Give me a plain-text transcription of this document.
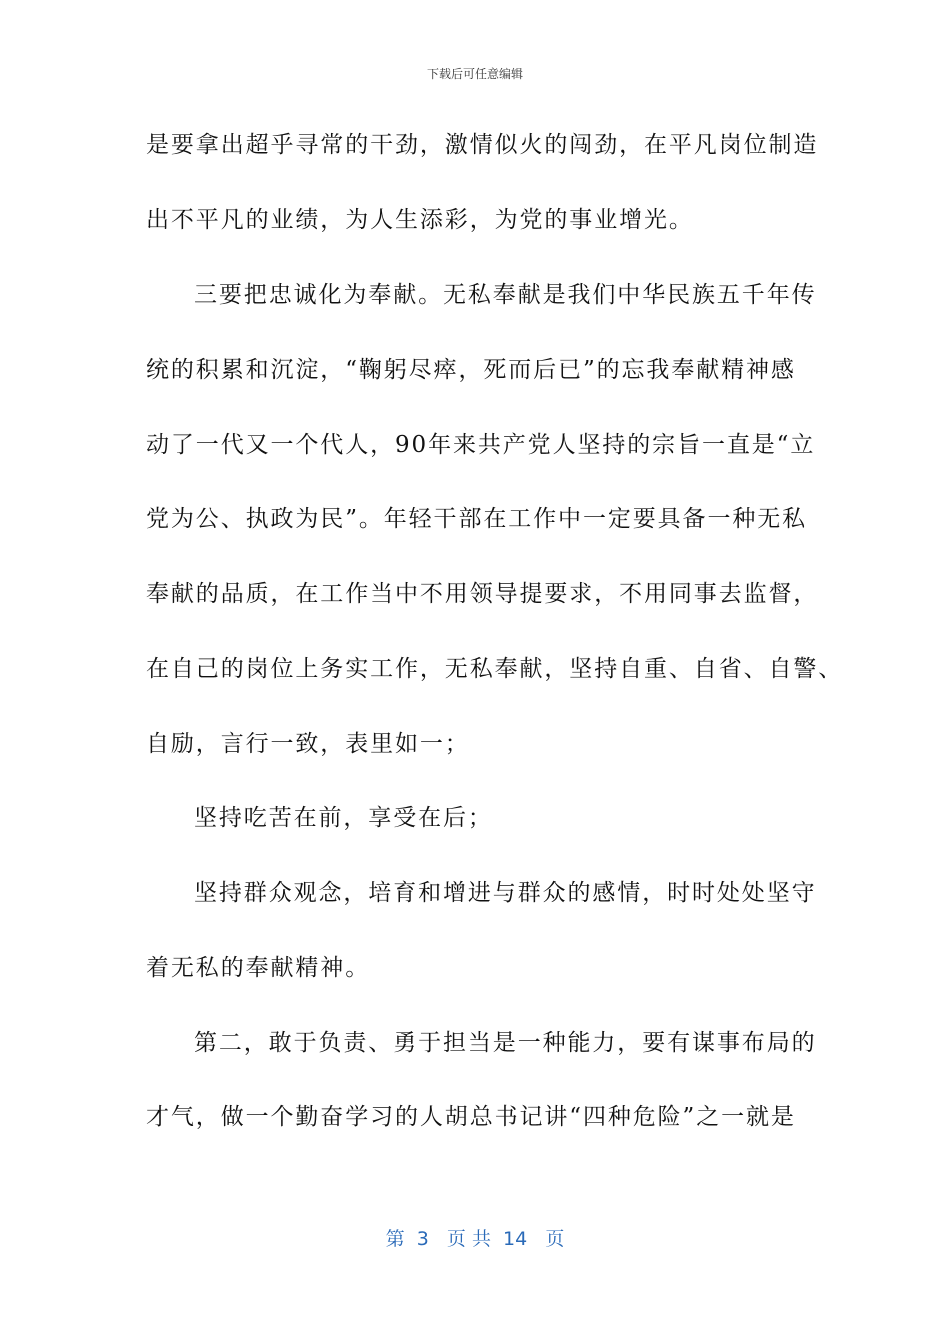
下载后可任意编辑
是要拿出超乎寻常的干劲，激情似火的闯劲，在平凡岗位制造
出不平凡的业绩，为人生添彩，为党的事业增光。
三要把忠诚化为奉献。无私奉献是我们中华民族五千年传
统的积累和沉淀，“鞠躬尽瘁，死而后已”的忘我奉献精神感
动了一代又一个代人，90年来共产党人坚持的宗旨一直是“立
党为公、执政为民”。年轻干部在工作中一定要具备一种无私
奉献的品质，在工作当中不用领导提要求，不用同事去监督，
在自己的岗位上务实工作，无私奉献，坚持自重、自省、自警、
自励，言行一致，表里如一；
坚持吃苦在前，享受在后；
坚持群众观念，培育和增进与群众的感情，时时处处坚守
着无私的奉献精神。
第二，敢于负责、勇于担当是一种能力，要有谋事布局的
才气，做一个勤奋学习的人胡总书记讲“四种危险”之一就是
第  3   页 共  14   页
